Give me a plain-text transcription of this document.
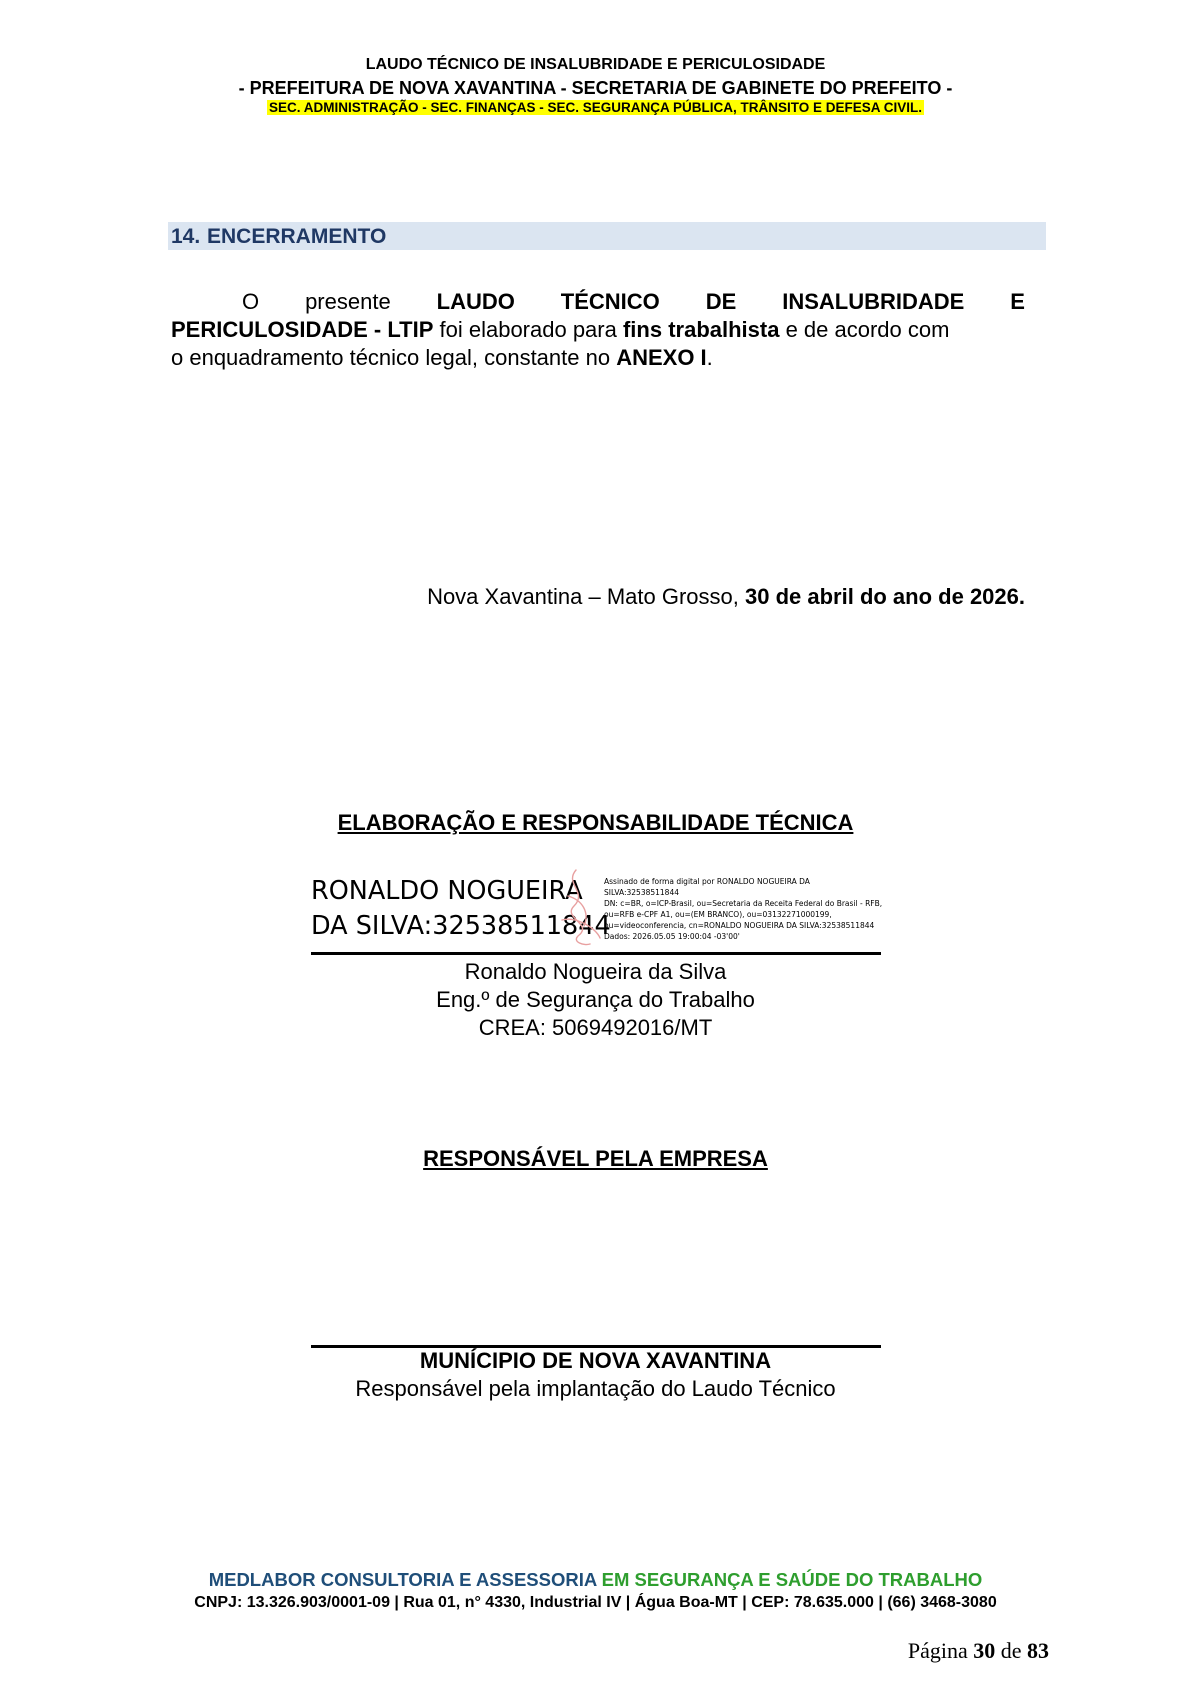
LAUDO TÉCNICO DE INSALUBRIDADE E PERICULOSIDADE
- PREFEITURA DE NOVA XAVANTINA - SECRETARIA DE GABINETE DO PREFEITO -
SEC. ADMINISTRAÇÃO - SEC. FINANÇAS - SEC. SEGURANÇA PÚBLICA, TRÂNSITO E DEFESA CIVIL.
14. ENCERRAMENTO
O presente LAUDO TÉCNICO DE INSALUBRIDADE E
PERICULOSIDADE - LTIP foi elaborado para fins trabalhista e de acordo com
o enquadramento técnico legal, constante no ANEXO I.
Nova Xavantina – Mato Grosso, 30 de abril do ano de 2026.
ELABORAÇÃO E RESPONSABILIDADE TÉCNICA
RONALDO NOGUEIRA
DA SILVA:32538511844
Assinado de forma digital por RONALDO NOGUEIRA DA
SILVA:32538511844
DN: c=BR, o=ICP-Brasil, ou=Secretaria da Receita Federal do Brasil - RFB,
ou=RFB e-CPF A1, ou=(EM BRANCO), ou=03132271000199,
ou=videoconferencia, cn=RONALDO NOGUEIRA DA SILVA:32538511844
Dados: 2026.05.05 19:00:04 -03'00'
Ronaldo Nogueira da Silva
Eng.º de Segurança do Trabalho
CREA: 5069492016/MT
RESPONSÁVEL PELA EMPRESA
MUNÍCIPIO DE NOVA XAVANTINA
Responsável pela implantação do Laudo Técnico
MEDLABOR CONSULTORIA E ASSESSORIA EM SEGURANÇA E SAÚDE DO TRABALHO
CNPJ: 13.326.903/0001-09 | Rua 01, n° 4330, Industrial IV | Água Boa-MT | CEP: 78.635.000 | (66) 3468-3080
Página 30 de 83
